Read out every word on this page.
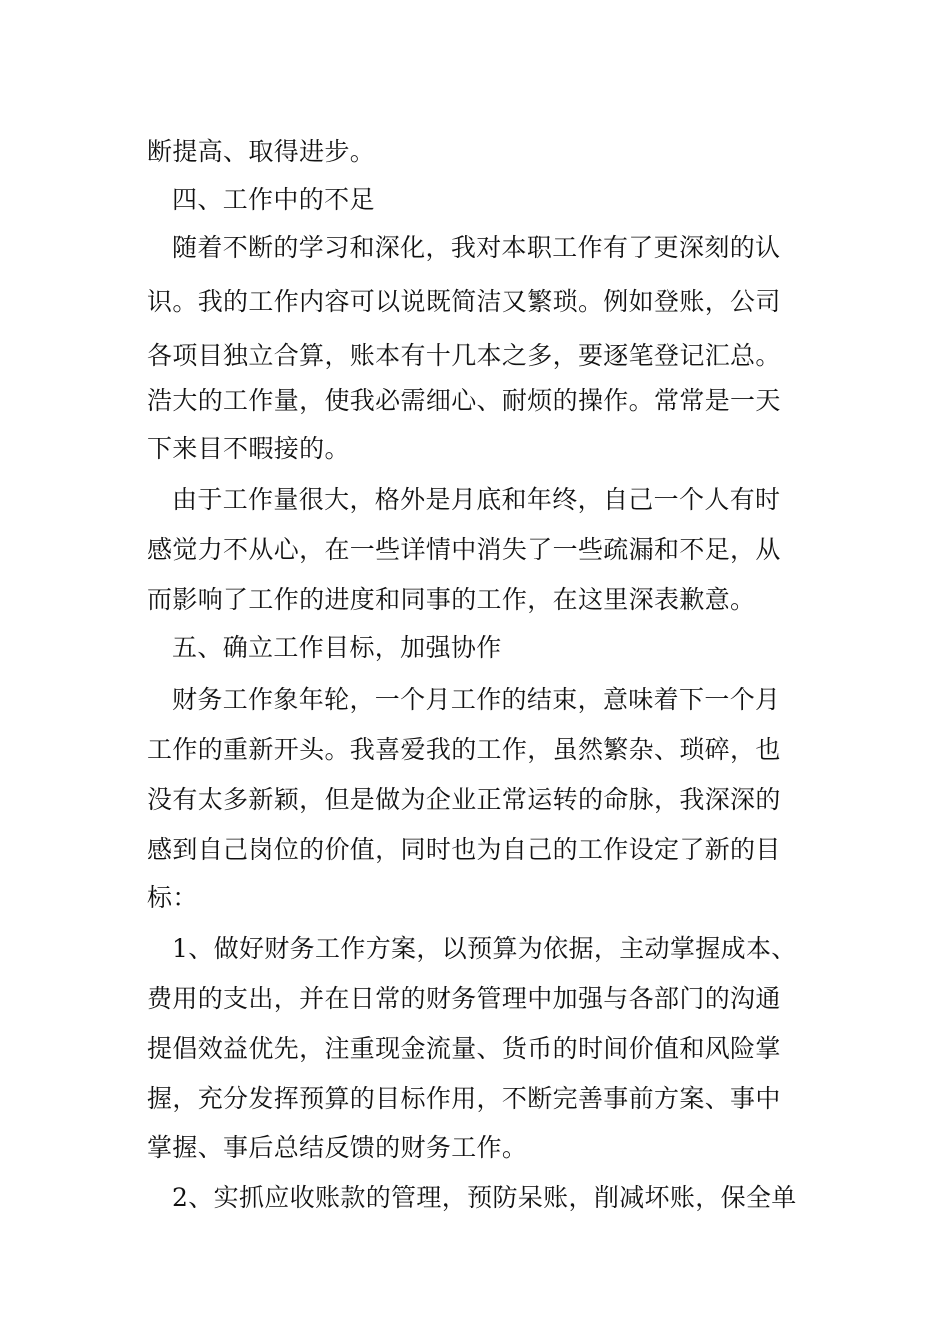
断提高、取得进步。
四、工作中的不足
随着不断的学习和深化，我对本职工作有了更深刻的认
识。我的工作内容可以说既简洁又繁琐。例如登账，公司
各项目独立合算，账本有十几本之多，要逐笔登记汇总。
浩大的工作量，使我必需细心、耐烦的操作。常常是一天
下来目不暇接的。
由于工作量很大，格外是月底和年终，自己一个人有时
感觉力不从心，在一些详情中消失了一些疏漏和不足，从
而影响了工作的进度和同事的工作，在这里深表歉意。
五、确立工作目标，加强协作
财务工作象年轮，一个月工作的结束，意味着下一个月
工作的重新开头。我喜爱我的工作，虽然繁杂、琐碎，也
没有太多新颖，但是做为企业正常运转的命脉，我深深的
感到自己岗位的价值，同时也为自己的工作设定了新的目
标：
1、做好财务工作方案，以预算为依据，主动掌握成本、
费用的支出，并在日常的财务管理中加强与各部门的沟通
提倡效益优先，注重现金流量、货币的时间价值和风险掌
握，充分发挥预算的目标作用，不断完善事前方案、事中
掌握、事后总结反馈的财务工作。
2、实抓应收账款的管理，预防呆账，削减坏账，保全单
